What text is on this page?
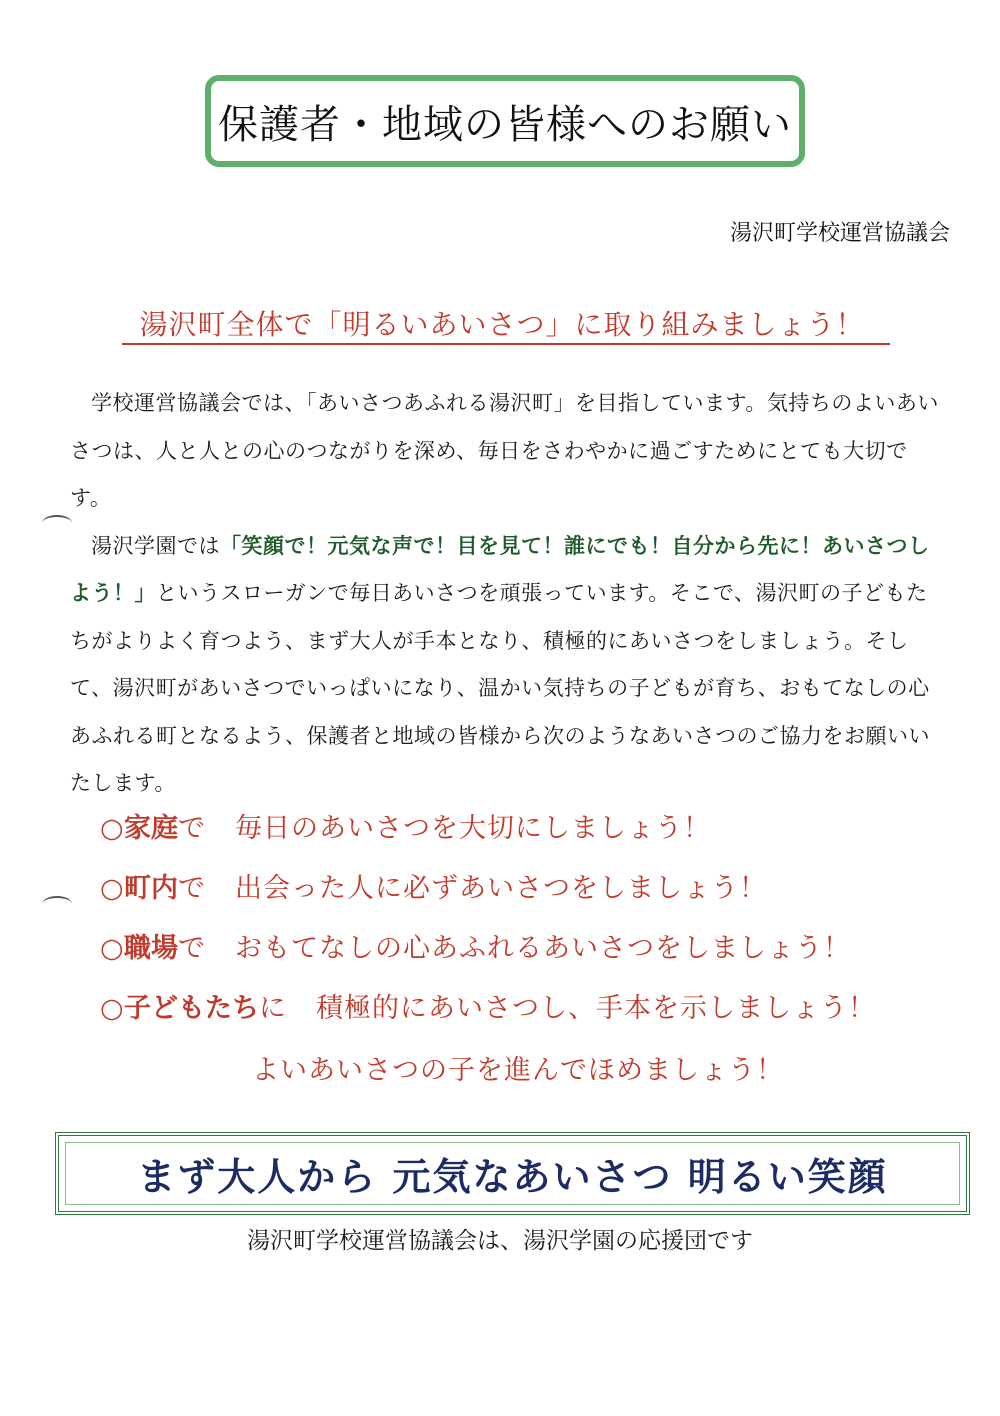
保護者・地域の皆様へのお願い
湯沢町学校運営協議会
湯沢町全体で「明るいあいさつ」に取り組みましょう！

学校運営協議会では、「あいさつあふれる湯沢町」を目指しています。気持ちのよいあいさつは、人と人との心のつながりを深め、毎日をさわやかに過ごすためにとても大切です。

湯沢学園では「笑顔で！元気な声で！目を見て！誰にでも！自分から先に！あいさつしよう！」というスローガンで毎日あいさつを頑張っています。そこで、湯沢町の子どもたちがよりよく育つよう、まず大人が手本となり、積極的にあいさつをしましょう。そして、湯沢町があいさつでいっぱいになり、温かい気持ちの子どもが育ち、おもてなしの心あふれる町となるよう、保護者と地域の皆様から次のようなあいさつのご協力をお願いいたします。

○ 家庭 で 毎日のあいさつを大切にしましょう！
○ 町内 で 出会った人に必ずあいさつをしましょう！
○ 職場 で おもてなしの心あふれるあいさつをしましょう！
○ 子どもたち に 積極的にあいさつし、手本を示しましょう！
よいあいさつの子を進んでほめましょう！
まず大人から 元気なあいさつ 明るい笑顔
湯沢町学校運営協議会は、湯沢学園の応援団です
